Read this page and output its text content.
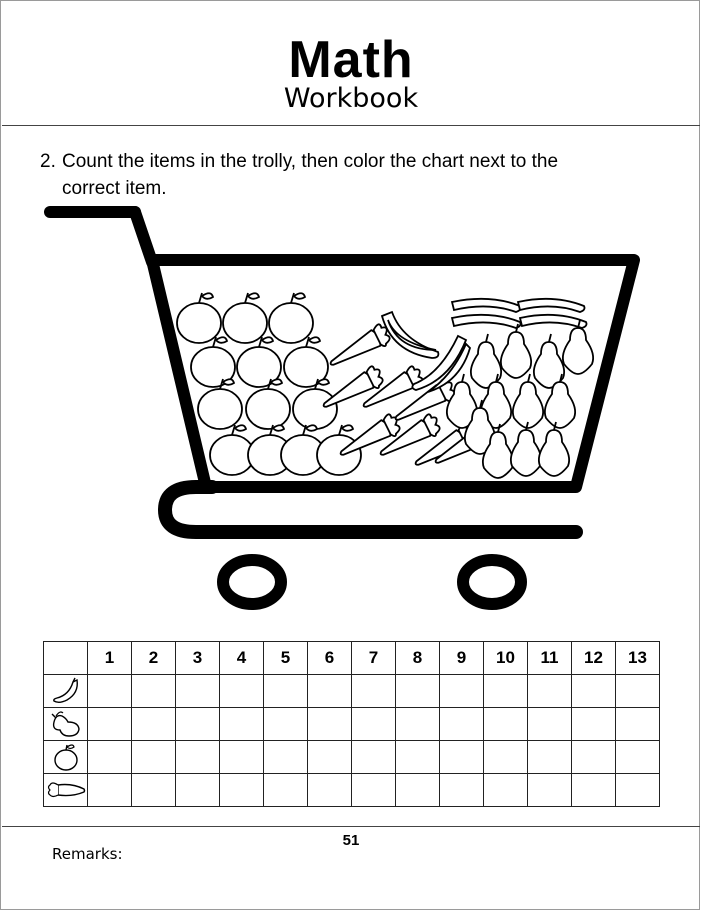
Math
Workbook
2. Count the items in the trolly, then color the chart next to the
correct item.
	1	2	3	4	5	6	7	8	9	10	11	12	13

51
Remarks:
